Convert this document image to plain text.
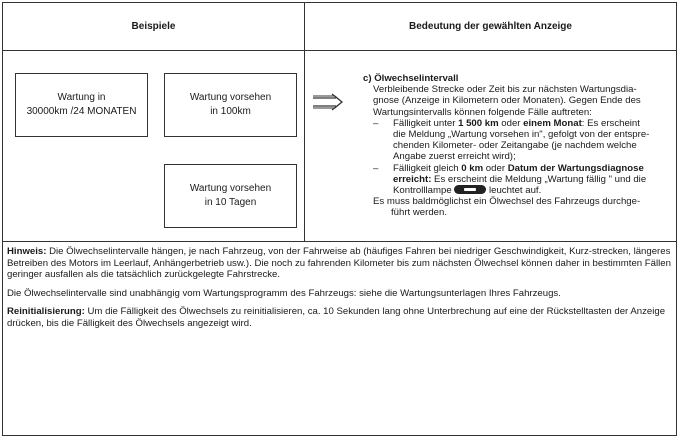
Beispiele	Bedeutung der gewählten Anzeige
Wartung in
30000km /24 MONATEN
Wartung vorsehen
in 100km
Wartung vorsehen
in 10 Tagen
c) Ölwechselintervall
Verbleibende Strecke oder Zeit bis zur nächsten Wartungsdia-
gnose (Anzeige in Kilometern oder Monaten). Gegen Ende des
Wartungsintervalls können folgende Fälle auftreten:
– Fälligkeit unter 1 500 km oder einem Monat: Es erscheint
die Meldung „Wartung vorsehen in", gefolgt von der entspre-
chenden Kilometer- oder Zeitangabe (je nachdem welche
Angabe zuerst erreicht wird);
– Fälligkeit gleich 0 km oder Datum der Wartungsdiagnose
erreicht: Es erscheint die Meldung „Wartung fällig " und die
Kontrolllampe	leuchtet auf.
Es muss baldmöglichst ein Ölwechsel des Fahrzeugs durchge-
führt werden.

Hinweis: Die Ölwechselintervalle hängen, je nach Fahrzeug, von der Fahrweise ab (häufiges Fahren bei niedriger Geschwindigkeit, Kurz-strecken, längeres Betreiben des Motors im Leerlauf, Anhängerbetrieb usw.). Die noch zu fahrenden Kilometer bis zum nächsten Ölwechsel können daher in bestimmten Fällen geringer ausfallen als die tatsächlich zurückgelegte Fahrstrecke.

Die Ölwechselintervalle sind unabhängig vom Wartungsprogramm des Fahrzeugs: siehe die Wartungsunterlagen Ihres Fahrzeugs.

Reinitialisierung: Um die Fälligkeit des Ölwechsels zu reinitialisieren, ca. 10 Sekunden lang ohne Unterbrechung auf eine der Rückstelltasten der Anzeige drücken, bis die Fälligkeit des Ölwechsels angezeigt wird.
